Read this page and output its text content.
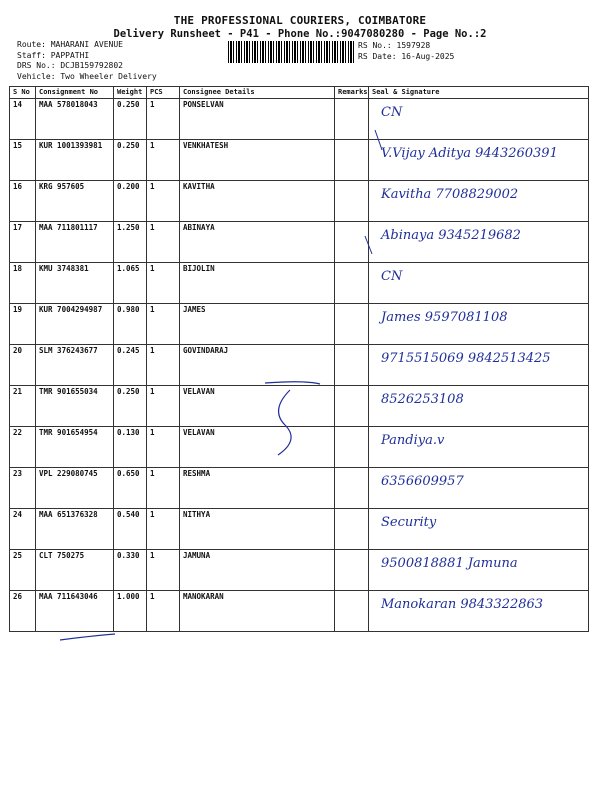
THE PROFESSIONAL COURIERS, COIMBATORE
Delivery Runsheet - P41 - Phone No.:9047080280 - Page No.:2
Route: MAHARANI AVENUE
Staff: PAPPATHI
DRS No.: DCJB159792802
Vehicle: Two Wheeler Delivery
RS No.: 1597928
RS Date: 16-Aug-2025
S No	Consignment No	Weight	PCS	Consignee Details	Remarks	Seal & Signature
14	MAA 578018043	0.250	1	PONSELVAN		CN

15	KUR 1001393981	0.250	1	VENKHATESH		V.Vijay Aditya 9443260391

16	KRG 957605	0.200	1	KAVITHA		Kavitha 7708829002

17	MAA 711801117	1.250	1	ABINAYA		Abinaya 9345219682

18	KMU 3748381	1.065	1	BIJOLIN		CN

19	KUR 7004294987	0.980	1	JAMES		James 9597081108

20	SLM 376243677	0.245	1	GOVINDARAJ		9715515069 9842513425

21	TMR 901655034	0.250	1	VELAVAN		8526253108

22	TMR 901654954	0.130	1	VELAVAN		Pandiya.v

23	VPL 229080745	0.650	1	RESHMA		6356609957

24	MAA 651376328	0.540	1	NITHYA		Security

25	CLT 750275	0.330	1	JAMUNA		9500818881 Jamuna

26	MAA 711643046	1.000	1	MANOKARAN		Manokaran 9843322863
